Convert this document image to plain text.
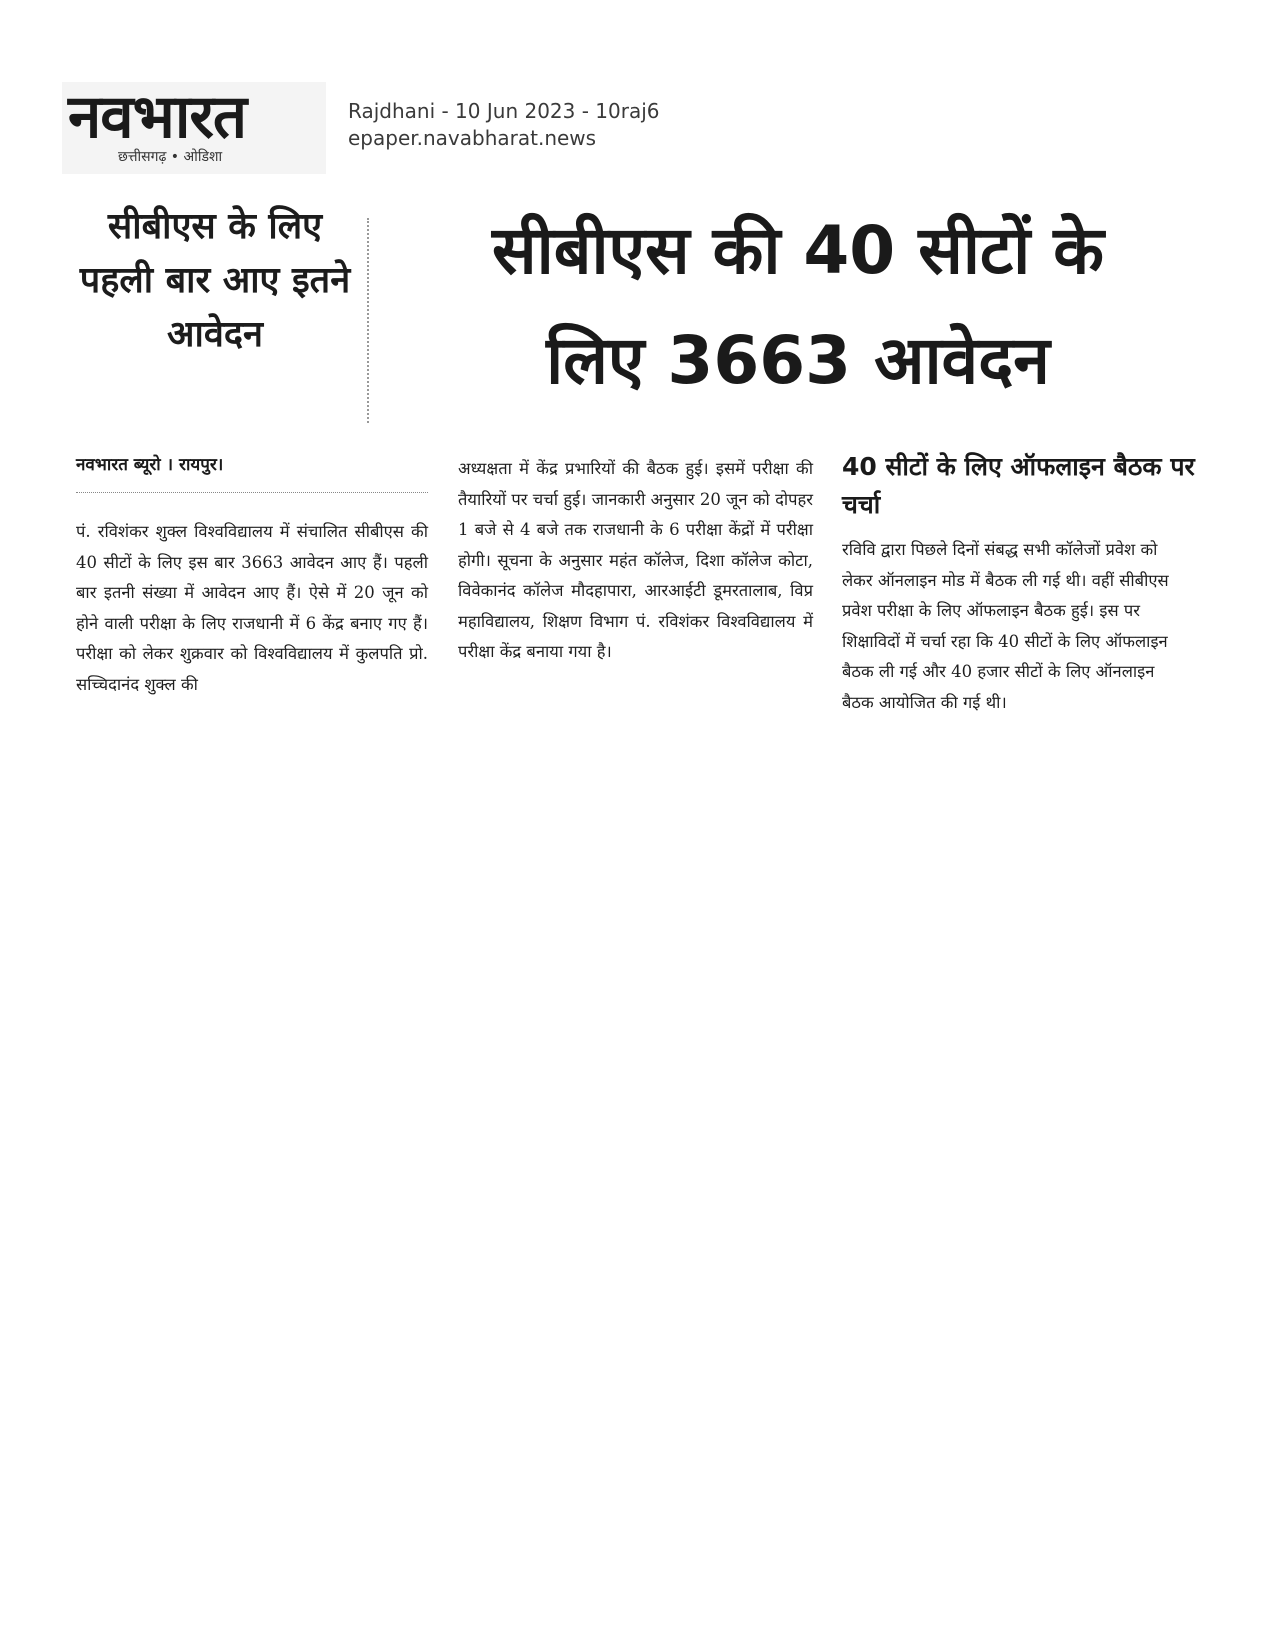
नवभारत
छत्तीसगढ़ • ओडिशा
Rajdhani - 10 Jun 2023 - 10raj6
epaper.navabharat.news
सीबीएस के लिए पहली बार आए इतने आवेदन
सीबीएस की 40 सीटों के
लिए 3663 आवेदन
नवभारत ब्यूरो । रायपुर।
पं. रविशंकर शुक्ल विश्वविद्यालय में संचालित सीबीएस की 40 सीटों के लिए इस बार 3663 आवेदन आए हैं। पहली बार इतनी संख्या में आवेदन आए हैं। ऐसे में 20 जून को होने वाली परीक्षा के लिए राजधानी में 6 केंद्र बनाए गए हैं। परीक्षा को लेकर शुक्रवार को विश्वविद्यालय में कुलपति प्रो. सच्चिदानंद शुक्ल की
अध्यक्षता में केंद्र प्रभारियों की बैठक हुई। इसमें परीक्षा की तैयारियों पर चर्चा हुई। जानकारी अनुसार 20 जून को दोपहर 1 बजे से 4 बजे तक राजधानी के 6 परीक्षा केंद्रों में परीक्षा होगी। सूचना के अनुसार महंत कॉलेज, दिशा कॉलेज कोटा, विवेकानंद कॉलेज मौदहापारा, आरआईटी डूमरतालाब, विप्र महाविद्यालय, शिक्षण विभाग पं. रविशंकर विश्वविद्यालय में परीक्षा केंद्र बनाया गया है।
40 सीटों के लिए ऑफलाइन बैठक पर चर्चा
रविवि द्वारा पिछले दिनों संबद्ध सभी कॉलेजों प्रवेश को लेकर ऑनलाइन मोड में बैठक ली गई थी। वहीं सीबीएस प्रवेश परीक्षा के लिए ऑफलाइन बैठक हुई। इस पर शिक्षाविदों में चर्चा रहा कि 40 सीटों के लिए ऑफलाइन बैठक ली गई और 40 हजार सीटों के लिए ऑनलाइन बैठक आयोजित की गई थी।
